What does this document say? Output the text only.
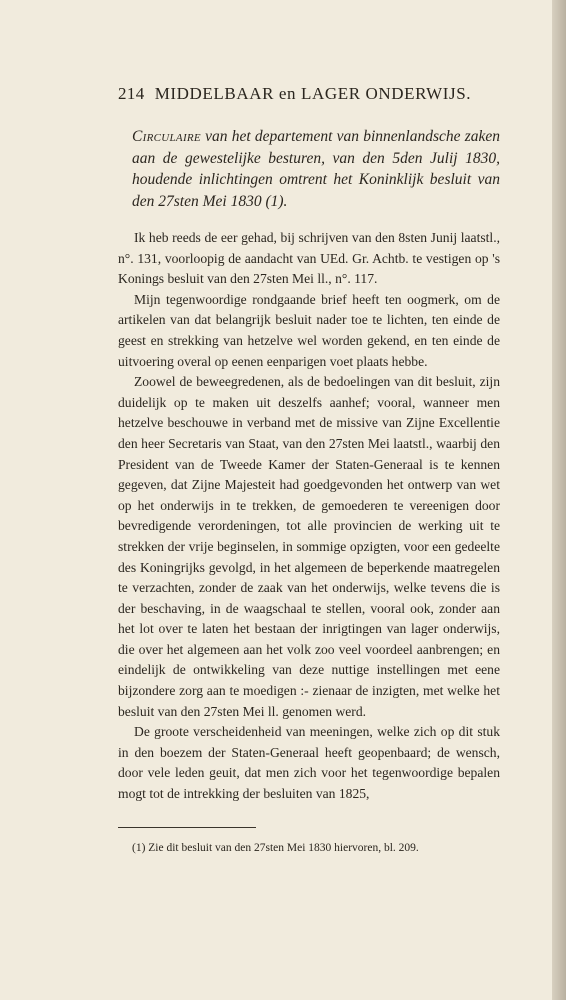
214 MIDDELBAAR en LAGER ONDERWIJS.
Circulaire van het departement van binnenlandsche zaken aan de gewestelijke besturen, van den 5den Julij 1830, houdende inlichtingen omtrent het Koninklijk besluit van den 27sten Mei 1830 (1).

Ik heb reeds de eer gehad, bij schrijven van den 8sten Junij laatstl., n°. 131, voorloopig de aandacht van UEd. Gr. Achtb. te vestigen op 's Konings besluit van den 27sten Mei ll., n°. 117.

Mijn tegenwoordige rondgaande brief heeft ten oogmerk, om de artikelen van dat belangrijk besluit nader toe te lichten, ten einde de geest en strekking van hetzelve wel worden gekend, en ten einde de uitvoering overal op eenen eenparigen voet plaats hebbe.

Zoowel de beweegredenen, als de bedoelingen van dit besluit, zijn duidelijk op te maken uit deszelfs aanhef; vooral, wanneer men hetzelve beschouwe in verband met de missive van Zijne Excellentie den heer Secretaris van Staat, van den 27sten Mei laatstl., waarbij den President van de Tweede Kamer der Staten-Generaal is te kennen gegeven, dat Zijne Majesteit had goedgevonden het ontwerp van wet op het onderwijs in te trekken, de gemoederen te vereenigen door bevredigende verordeningen, tot alle provincien de werking uit te strekken der vrije beginselen, in sommige opzigten, voor een gedeelte des Koningrijks gevolgd, in het algemeen de beperkende maatregelen te verzachten, zonder de zaak van het onderwijs, welke tevens die is der beschaving, in de waagschaal te stellen, vooral ook, zonder aan het lot over te laten het bestaan der inrigtingen van lager onderwijs, die over het algemeen aan het volk zoo veel voordeel aanbrengen; en eindelijk de ontwikkeling van deze nuttige instellingen met eene bijzondere zorg aan te moedigen :- zienaar de inzigten, met welke het besluit van den 27sten Mei ll. genomen werd.

De groote verscheidenheid van meeningen, welke zich op dit stuk in den boezem der Staten-Generaal heeft geopenbaard; de wensch, door vele leden geuit, dat men zich voor het tegenwoordige bepalen mogt tot de intrekking der besluiten van 1825,

(1) Zie dit besluit van den 27sten Mei 1830 hiervoren, bl. 209.
